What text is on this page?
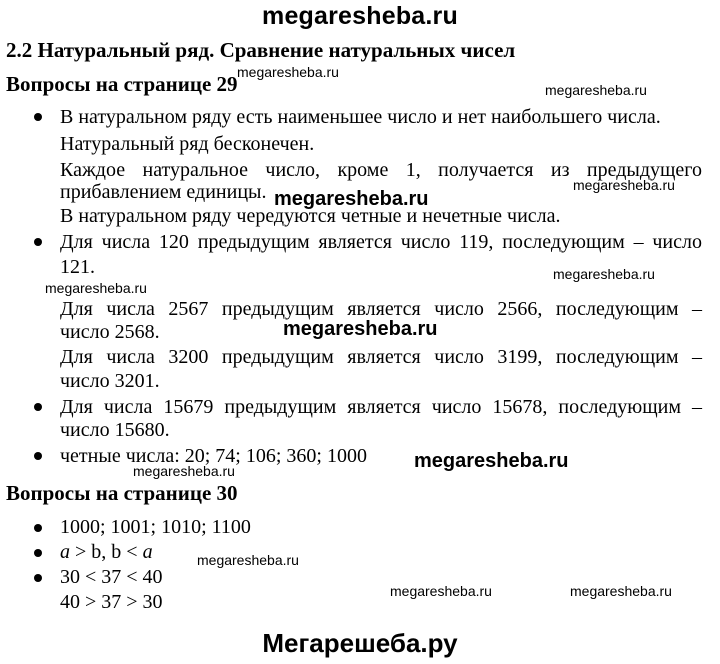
megaresheba.ru
2.2 Натуральный ряд. Сравнение натуральных чисел
Вопросы на странице 29 megaresheba.ru
megaresheba.ru
В натуральном ряду есть наименьшее число и нет наибольшего числа.
Натуральный ряд бесконечен.
Каждое натуральное число, кроме 1, получается из предыдущего
прибавлением единицы. megaresheba.ru
megaresheba.ru
В натуральном ряду чередуются четные и нечетные числа.
Для числа 120 предыдущим является число 119, последующим – число
121.	megaresheba.ru
megaresheba.ru
Для числа 2567 предыдущим является число 2566, последующим –
число 2568.	megaresheba.ru
Для числа 3200 предыдущим является число 3199, последующим –
число 3201.
Для числа 15679 предыдущим является число 15678, последующим –
число 15680.
четные числа: 20; 74; 106; 360; 1000 megaresheba.ru
megaresheba.ru
Вопросы на странице 30
1000; 1001; 1010; 1100
a > b, b < a	megaresheba.ru
30 < 37 < 40
40 > 37 > 30	megaresheba.ru	megaresheba.ru
Мегарешеба.ру
